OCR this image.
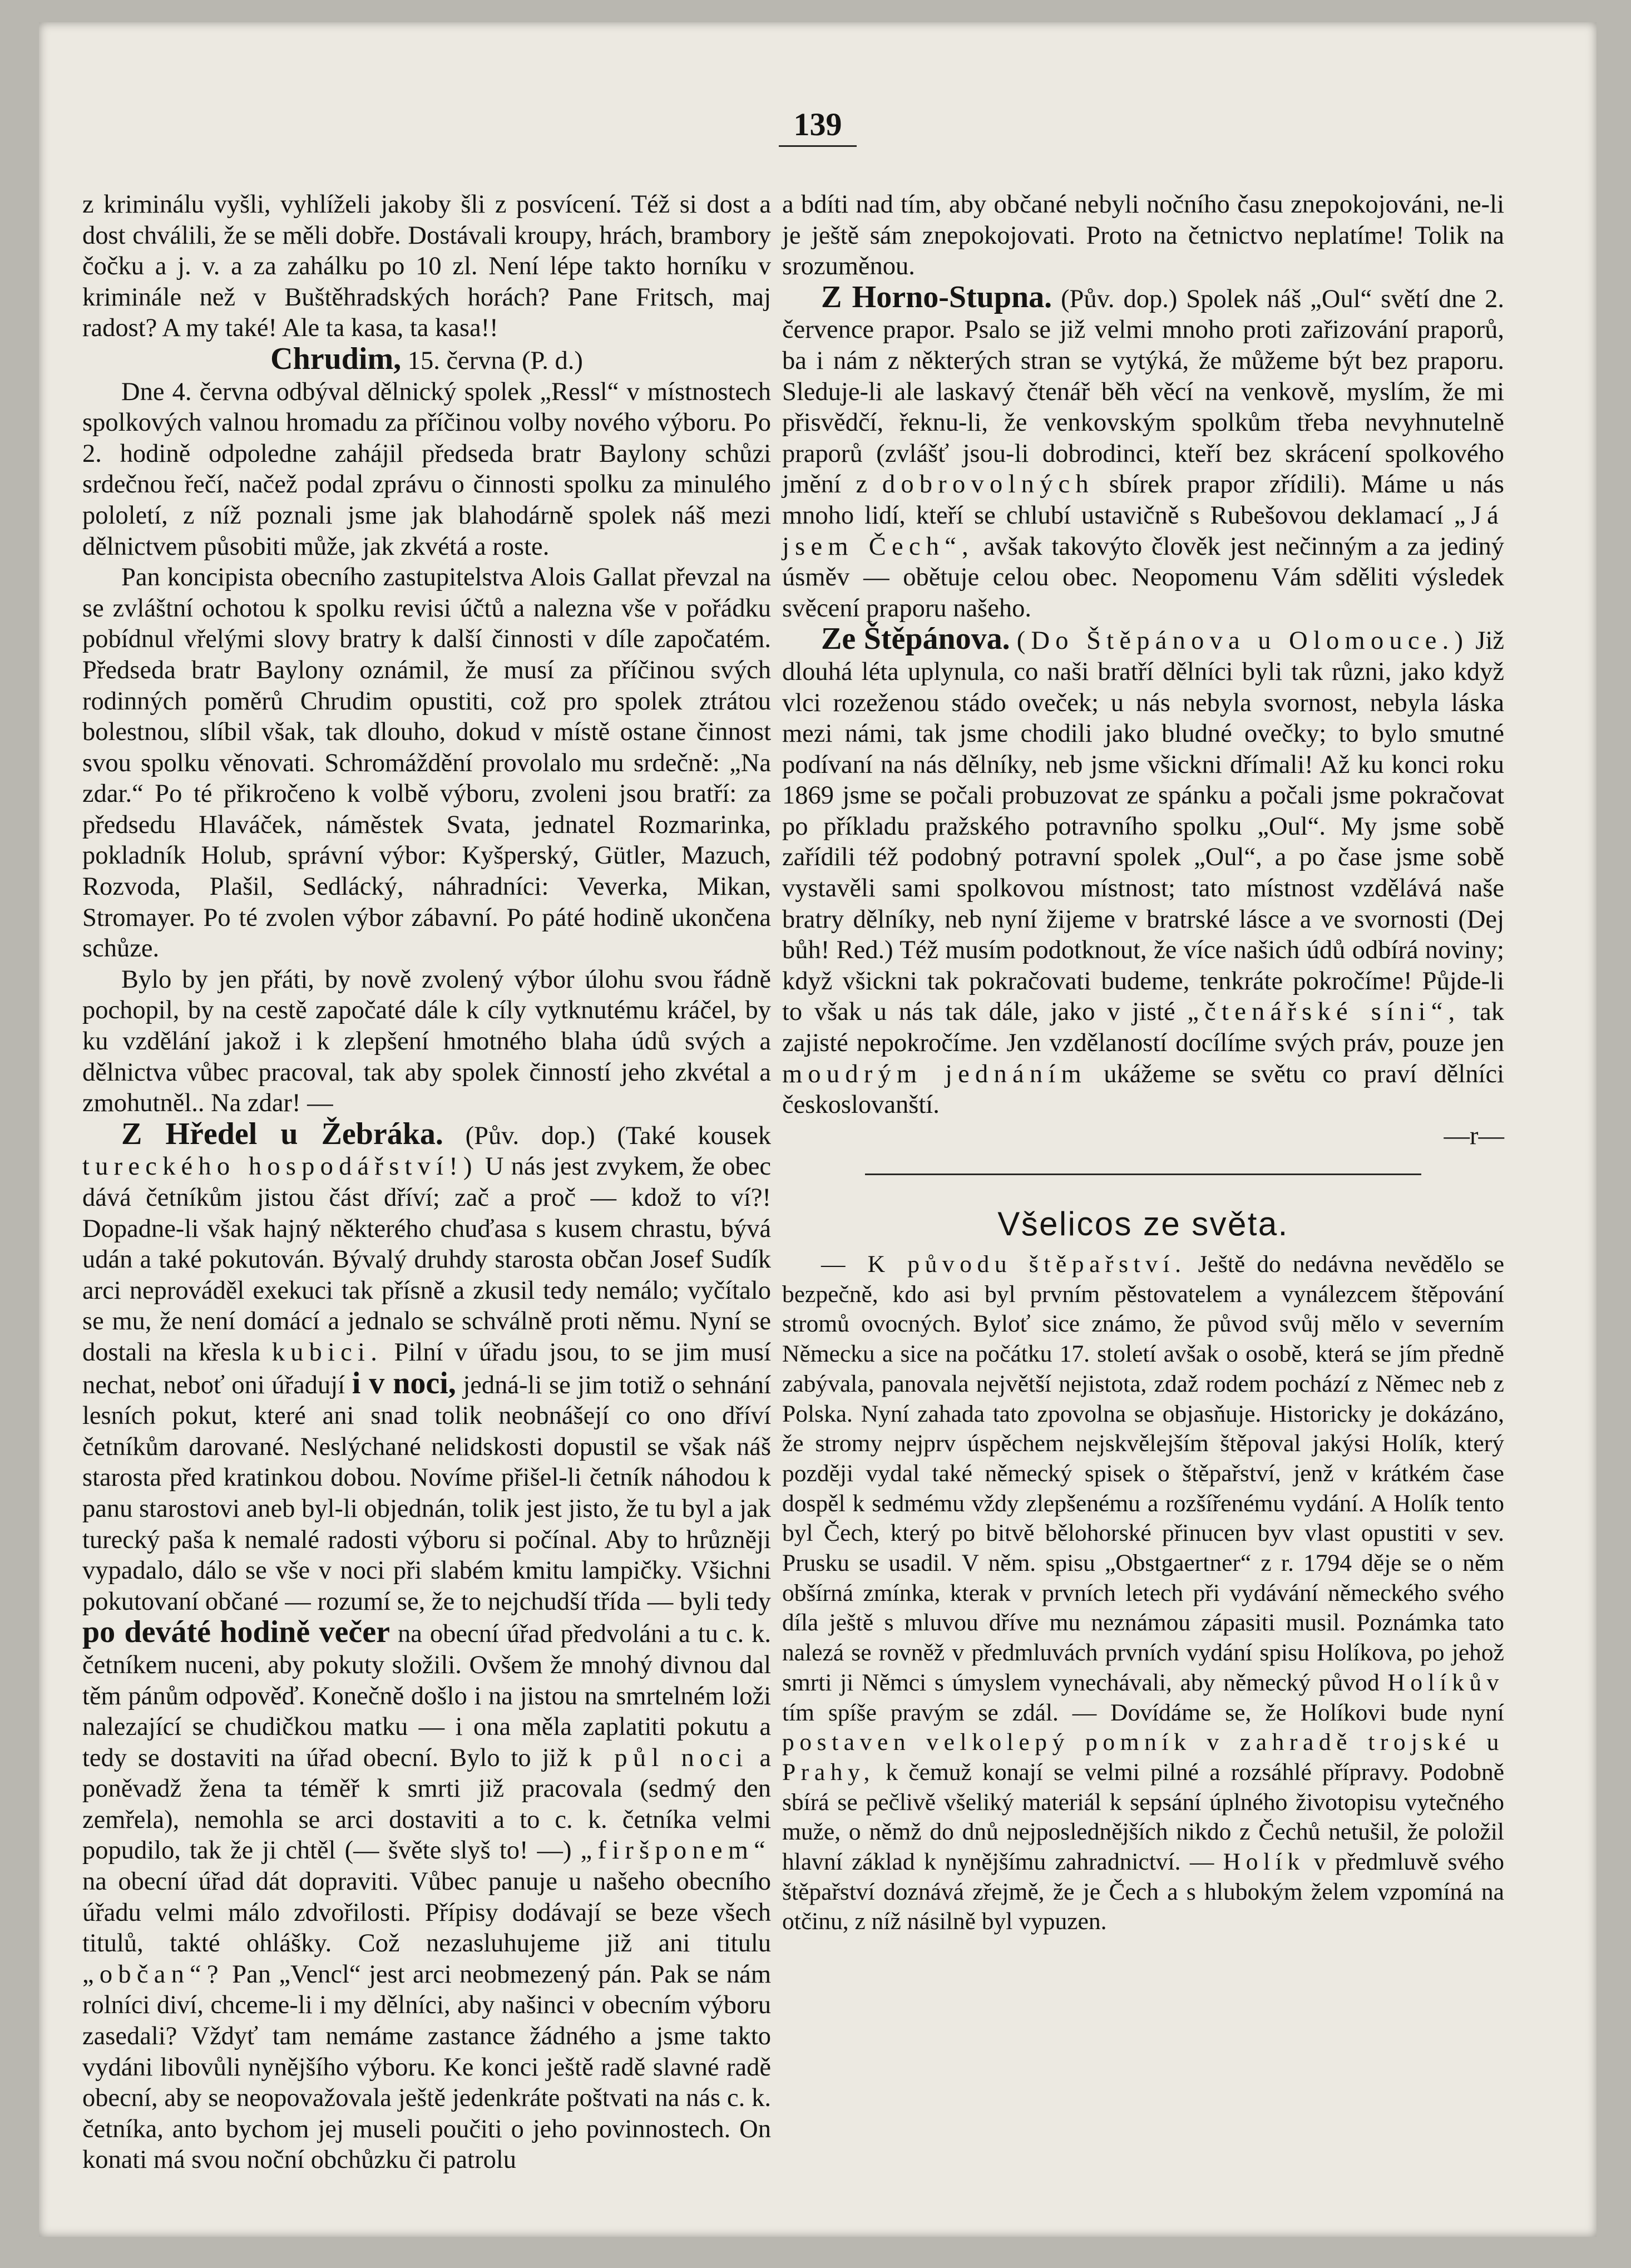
139

z kriminálu vyšli, vyhlíželi jakoby šli z posvícení. Též si dost a dost chválili, že se měli dobře. Dostávali kroupy, hrách, brambory čočku a j. v. a za zahálku po 10 zl. Není lépe takto horníku v kriminále než v Buštěhradských horách? Pane Fritsch, maj radost? A my také! Ale ta kasa, ta kasa!!

Chrudim, 15. června (P. d.)

Dne 4. června odbýval dělnický spolek „Ressl“ v místnostech spolkových valnou hromadu za příčinou volby nového výboru. Po 2. hodině odpoledne zahájil předseda bratr Baylony schůzi srdečnou řečí, načež podal zprávu o činnosti spolku za minulého pololetí, z níž poznali jsme jak blahodárně spolek náš mezi dělnictvem působiti může, jak zkvétá a roste.

Pan koncipista obecního zastupitelstva Alois Gallat převzal na se zvláštní ochotou k spolku revisi účtů a nalezna vše v pořádku pobídnul vřelými slovy bratry k další činnosti v díle započatém. Předseda bratr Baylony oznámil, že musí za příčinou svých rodinných poměrů Chrudim opustiti, což pro spolek ztrátou bolestnou, slíbil však, tak dlouho, dokud v místě ostane činnost svou spolku věnovati. Schromáždění provolalo mu srdečně: „Na zdar.“ Po té přikročeno k volbě výboru, zvoleni jsou bratří: za předsedu Hlaváček, náměstek Svata, jednatel Rozmarinka, pokladník Holub, správní výbor: Kyšperský, Gütler, Mazuch, Rozvoda, Plašil, Sedlácký, náhradníci: Veverka, Mikan, Stromayer. Po té zvolen výbor zábavní. Po páté hodině ukončena schůze.

Bylo by jen přáti, by nově zvolený výbor úlohu svou řádně pochopil, by na cestě započaté dále k cíly vytknutému kráčel, by ku vzdělání jakož i k zlepšení hmotného blaha údů svých a dělnictva vůbec pracoval, tak aby spolek činností jeho zkvétal a zmohutněl.. Na zdar! —

Z Hředel u Žebráka. (Pův. dop.) (Také kousek tureckého hospodářství!) U nás jest zvykem, že obec dává četníkům jistou část dříví; zač a proč — kdož to ví?! Dopadne-li však hajný některého chuďasa s kusem chrastu, bývá udán a také pokutován. Bývalý druhdy starosta občan Josef Sudík arci neprováděl exekuci tak přísně a zkusil tedy nemálo; vyčítalo se mu, že není domácí a jednalo se schválně proti němu. Nyní se dostali na křesla kubici. Pilní v úřadu jsou, to se jim musí nechat, neboť oni úřadují i v noci, jedná-li se jim totiž o sehnání lesních pokut, které ani snad tolik neobnášejí co ono dříví četníkům darované. Neslýchané nelidskosti dopustil se však náš starosta před kratinkou dobou. Novíme přišel-li četník náhodou k panu starostovi aneb byl-li objednán, tolik jest jisto, že tu byl a jak turecký paša k nemalé radosti výboru si počínal. Aby to hrůzněji vypadalo, dálo se vše v noci při slabém kmitu lampičky. Všichni pokutovaní občané — rozumí se, že to nejchudší třída — byli tedy po deváté hodině večer na obecní úřad předvoláni a tu c. k. četníkem nuceni, aby pokuty složili. Ovšem že mnohý divnou dal těm pánům odpověď. Konečně došlo i na jistou na smrtelném loži nalezající se chudičkou matku — i ona měla zaplatiti pokutu a tedy se dostaviti na úřad obecní. Bylo to již k půl noci a poněvadž žena ta téměř k smrti již pracovala (sedmý den zemřela), nemohla se arci dostaviti a to c. k. četníka velmi popudilo, tak že ji chtěl (— švěte slyš to! —) „firšponem“ na obecní úřad dát dopraviti. Vůbec panuje u našeho obecního úřadu velmi málo zdvořilosti. Přípisy dodávají se beze všech titulů, takté ohlášky. Což nezasluhujeme již ani titulu „občan“? Pan „Vencl“ jest arci neobmezený pán. Pak se nám rolníci diví, chceme-li i my dělníci, aby našinci v obecním výboru zasedali? Vždyť tam nemáme zastance žádného a jsme takto vydáni libovůli nynějšího výboru. Ke konci ještě radě slavné radě obecní, aby se neopovažovala ještě jedenkráte poštvati na nás c. k. četníka, anto bychom jej museli poučiti o jeho povinnostech. On konati má svou noční obchůzku či patrolu

a bdíti nad tím, aby občané nebyli nočního času znepokojováni, ne-li je ještě sám znepokojovati. Proto na četnictvo neplatíme! Tolik na srozuměnou.

Z Horno-Stupna. (Pův. dop.) Spolek náš „Oul“ světí dne 2. července prapor. Psalo se již velmi mnoho proti zařizování praporů, ba i nám z některých stran se vytýká, že můžeme být bez praporu. Sleduje-li ale laskavý čtenář běh věcí na venkově, myslím, že mi přisvědčí, řeknu-li, že venkovským spolkům třeba nevyhnutelně praporů (zvlášť jsou-li dobrodinci, kteří bez skrácení spolkového jmění z dobrovolných sbírek prapor zřídili). Máme u nás mnoho lidí, kteří se chlubí ustavičně s Rubešovou deklamací „Já jsem Čech“, avšak takovýto člověk jest nečinným a za jediný úsměv — obětuje celou obec. Neopomenu Vám sděliti výsledek svěcení praporu našeho.

Ze Štěpánova. (Do Štěpánova u Olomouce.) Již dlouhá léta uplynula, co naši bratří dělníci byli tak různi, jako když vlci rozeženou stádo oveček; u nás nebyla svornost, nebyla láska mezi námi, tak jsme chodili jako bludné ovečky; to bylo smutné podívaní na nás dělníky, neb jsme všickni dřímali! Až ku konci roku 1869 jsme se počali probuzovat ze spánku a počali jsme pokračovat po příkladu pražského potravního spolku „Oul“. My jsme sobě zařídili též podobný potravní spolek „Oul“, a po čase jsme sobě vystavěli sami spolkovou místnost; tato místnost vzdělává naše bratry dělníky, neb nyní žijeme v bratrské lásce a ve svornosti (Dej bůh! Red.) Též musím podotknout, že více našich údů odbírá noviny; když všickni tak pokračovati budeme, tenkráte pokročíme! Půjde-li to však u nás tak dále, jako v jisté „čtenářské síni“, tak zajisté nepokročíme. Jen vzdělaností docílíme svých práv, pouze jen moudrým jednáním ukážeme se světu co praví dělníci českoslovanští.

—r—

Všelicos ze světa.

— K původu štěpařství. Ještě do nedávna nevědělo se bezpečně, kdo asi byl prvním pěstovatelem a vynálezcem štěpování stromů ovocných. Byloť sice známo, že původ svůj mělo v severním Německu a sice na počátku 17. století avšak o osobě, která se jím předně zabývala, panovala největší nejistota, zdaž rodem pochází z Němec neb z Polska. Nyní zahada tato zpovolna se objasňuje. Historicky je dokázáno, že stromy nejprv úspěchem nejskvělejším štěpoval jakýsi Holík, který později vydal také německý spisek o štěpařství, jenž v krátkém čase dospěl k sedmému vždy zlepšenému a rozšířenému vydání. A Holík tento byl Čech, který po bitvě bělohorské přinucen byv vlast opustiti v sev. Prusku se usadil. V něm. spisu „Obstgaertner“ z r. 1794 děje se o něm obšírná zmínka, kterak v prvních letech při vydávání německého svého díla ještě s mluvou dříve mu neznámou zápasiti musil. Poznámka tato nalezá se rovněž v předmluvách prvních vydání spisu Holíkova, po jehož smrti ji Němci s úmyslem vynechávali, aby německý původ Holíkův tím spíše pravým se zdál. — Dovídáme se, že Holíkovi bude nyní postaven velkolepý pomník v zahradě trojské u Prahy, k čemuž konají se velmi pilné a rozsáhlé přípravy. Podobně sbírá se pečlivě všeliký materiál k sepsání úplného životopisu vytečného muže, o němž do dnů nejposlednějších nikdo z Čechů netušil, že položil hlavní základ k nynějšímu zahradnictví. — Holík v předmluvě svého štěpařství doznává zřejmě, že je Čech a s hlubokým želem vzpomíná na otčinu, z níž násilně byl vypuzen.
